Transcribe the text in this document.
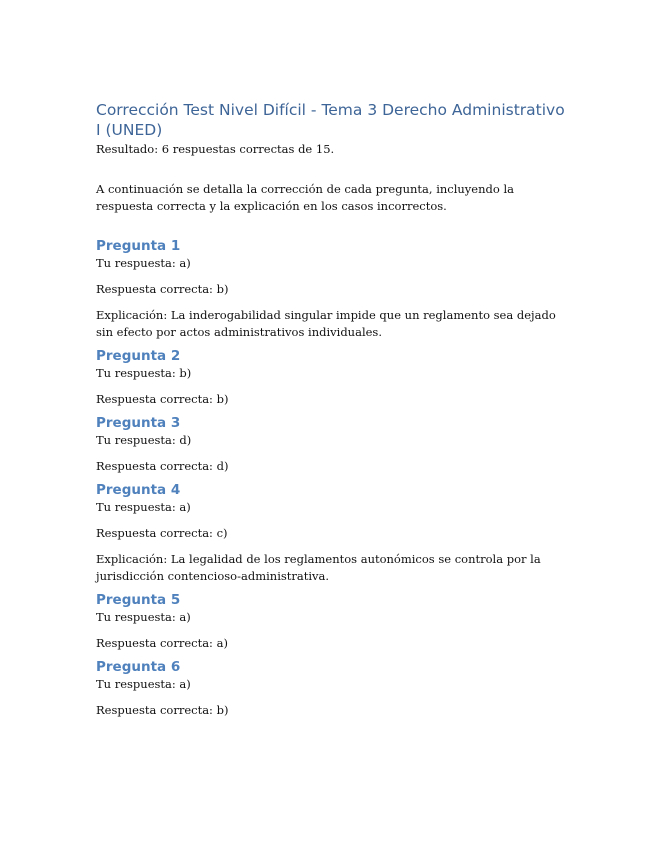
Corrección Test Nivel Difícil - Tema 3 Derecho Administrativo I (UNED)

Resultado: 6 respuestas correctas de 15.

A continuación se detalla la corrección de cada pregunta, incluyendo la respuesta correcta y la explicación en los casos incorrectos.

Pregunta 1

Tu respuesta: a)

Respuesta correcta: b)

Explicación: La inderogabilidad singular impide que un reglamento sea dejado sin efecto por actos administrativos individuales.

Pregunta 2

Tu respuesta: b)

Respuesta correcta: b)

Pregunta 3

Tu respuesta: d)

Respuesta correcta: d)

Pregunta 4

Tu respuesta: a)

Respuesta correcta: c)

Explicación: La legalidad de los reglamentos autonómicos se controla por la jurisdicción contencioso-administrativa.

Pregunta 5

Tu respuesta: a)

Respuesta correcta: a)

Pregunta 6

Tu respuesta: a)

Respuesta correcta: b)
